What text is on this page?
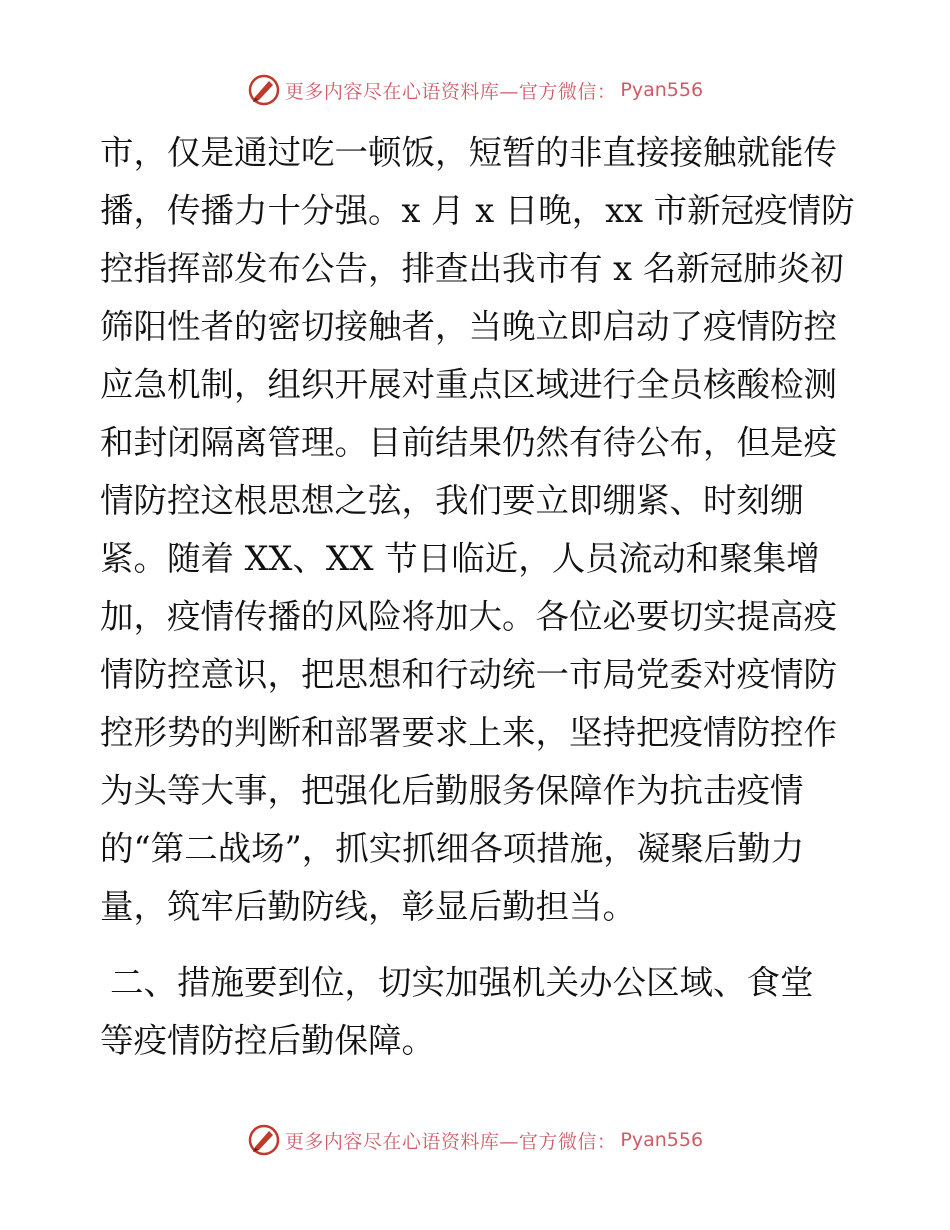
更多内容尽在心语资料库—官方微信： Pyan556
市，仅是通过吃一顿饭，短暂的非直接接触就能传
播，传播力十分强。x 月 x 日晚，xx 市新冠疫情防
控指挥部发布公告，排查出我市有 x 名新冠肺炎初
筛阳性者的密切接触者，当晚立即启动了疫情防控
应急机制，组织开展对重点区域进行全员核酸检测
和封闭隔离管理。目前结果仍然有待公布，但是疫
情防控这根思想之弦，我们要立即绷紧、时刻绷
紧。随着 XX、XX 节日临近，人员流动和聚集增
加，疫情传播的风险将加大。各位必要切实提高疫
情防控意识，把思想和行动统一市局党委对疫情防
控形势的判断和部署要求上来，坚持把疫情防控作
为头等大事，把强化后勤服务保障作为抗击疫情
的“第二战场”，抓实抓细各项措施，凝聚后勤力
量，筑牢后勤防线，彰显后勤担当。
二、措施要到位，切实加强机关办公区域、食堂
等疫情防控后勤保障。
更多内容尽在心语资料库—官方微信： Pyan556
